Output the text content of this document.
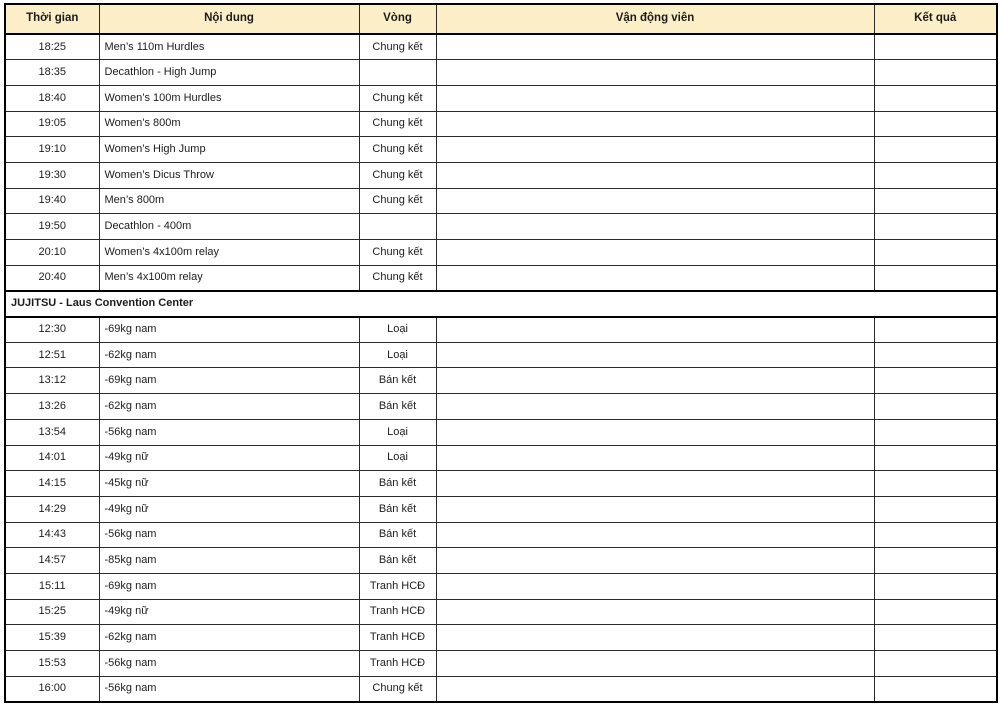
Thời gian	Nội dung	Vòng	Vận động viên	Kết quả
18:25	Men’s 110m Hurdles	Chung kết		
18:35	Decathlon - High Jump			
18:40	Women’s 100m Hurdles	Chung kết		
19:05	Women’s 800m	Chung kết		
19:10	Women’s High Jump	Chung kết		
19:30	Women’s Dicus Throw	Chung kết		
19:40	Men’s 800m	Chung kết		
19:50	Decathlon - 400m			
20:10	Women’s 4x100m relay	Chung kết		
20:40	Men’s 4x100m relay	Chung kết		
JUJITSU - Laus Convention Center				
12:30	-69kg nam	Loại		
12:51	-62kg nam	Loại		
13:12	-69kg nam	Bán kết		
13:26	-62kg nam	Bán kết		
13:54	-56kg nam	Loại		
14:01	-49kg nữ	Loại		
14:15	-45kg nữ	Bán kết		
14:29	-49kg nữ	Bán kết		
14:43	-56kg nam	Bán kết		
14:57	-85kg nam	Bán kết		
15:11	-69kg nam	Tranh HCĐ		
15:25	-49kg nữ	Tranh HCĐ		
15:39	-62kg nam	Tranh HCĐ		
15:53	-56kg nam	Tranh HCĐ		
16:00	-56kg nam	Chung kết		
